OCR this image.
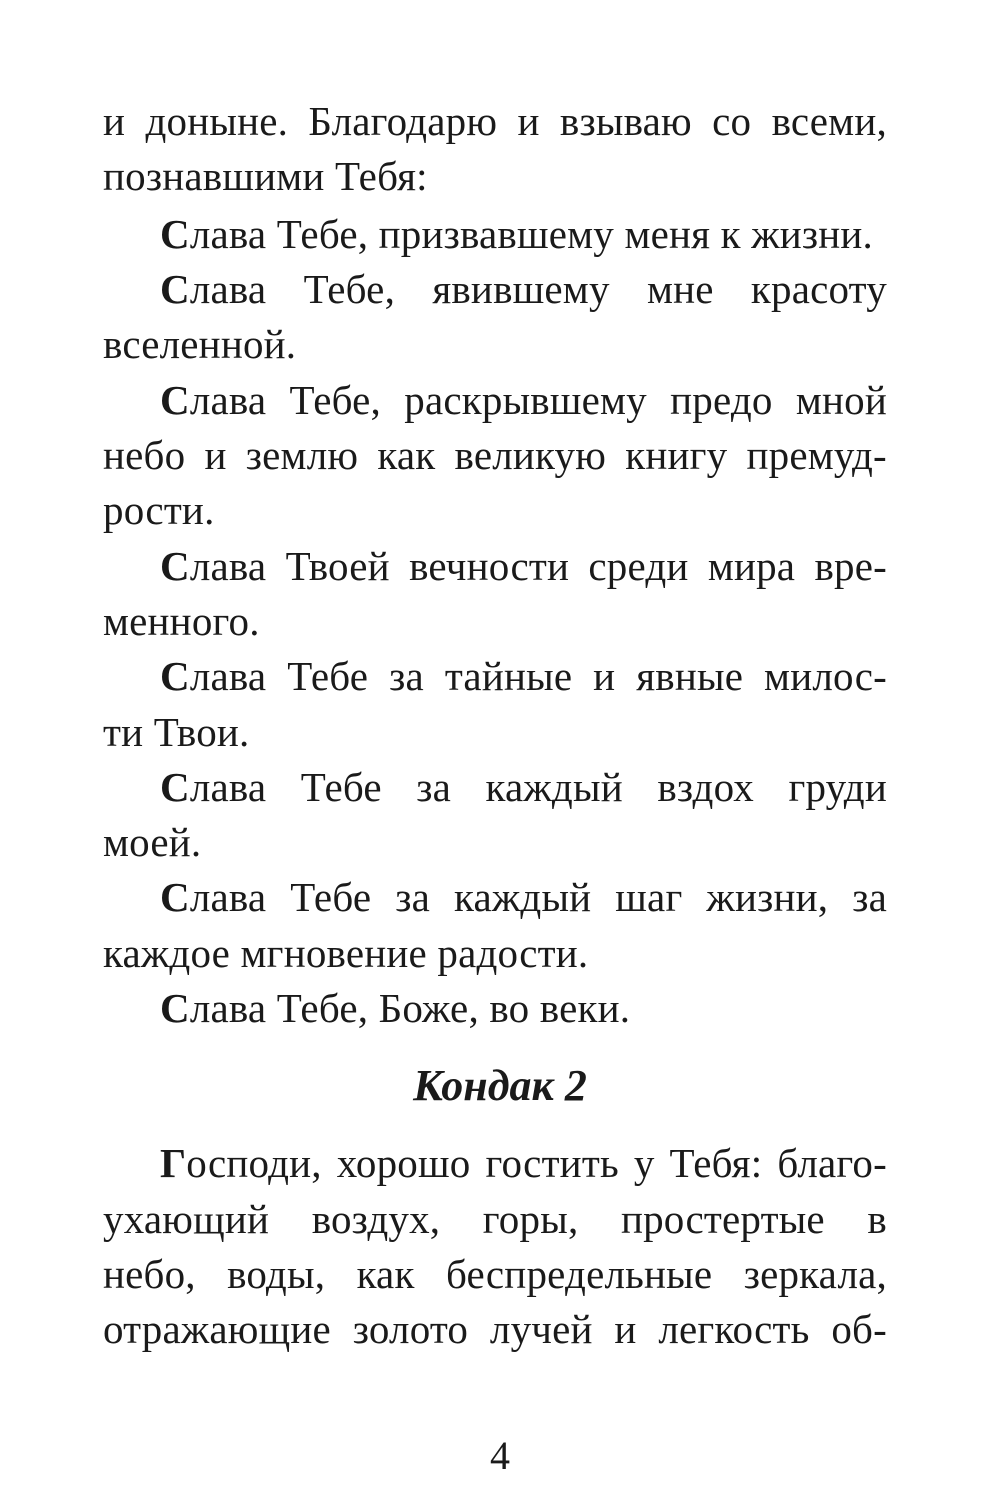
и доныне. Благодарю и взываю со всеми,
познавшими Тебя:
Слава Тебе, призвавшему меня к жизни.
Слава Тебе, явившему мне красоту
вселенной.
Слава Тебе, раскрывшему предо мной
небо и землю как великую книгу премуд-
рости.
Слава Твоей вечности среди мира вре-
менного.
Слава Тебе за тайные и явные милос-
ти Твои.
Слава Тебе за каждый вздох груди
моей.
Слава Тебе за каждый шаг жизни, за
каждое мгновение радости.
Слава Тебе, Боже, во веки.
Господи, хорошо гостить у Тебя: благо-
ухающий воздух, горы, простертые в
небо, воды, как беспредельные зеркала,
отражающие золото лучей и легкость об-
Кондак 2
4
